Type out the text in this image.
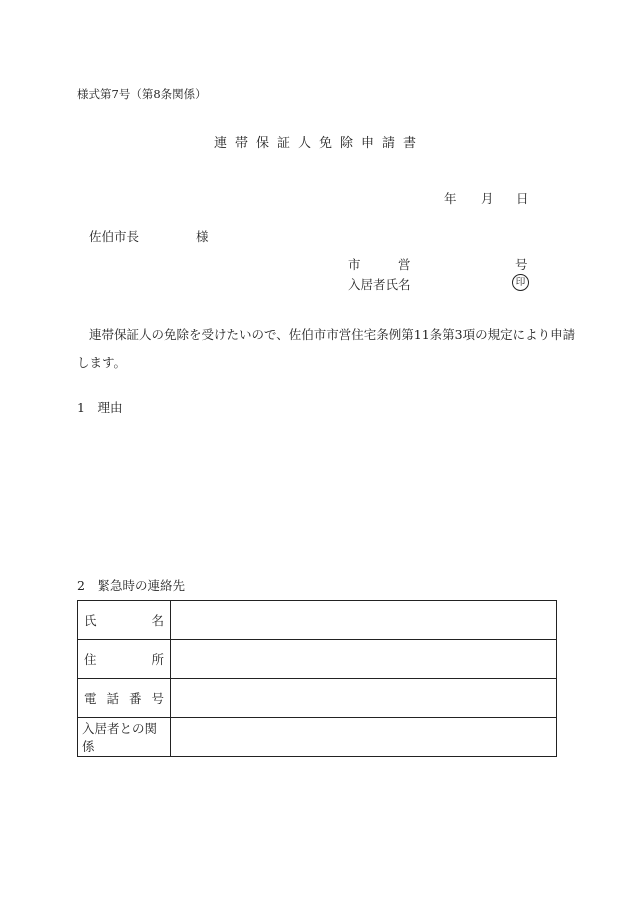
様式第7号（第8条関係）
連帯保証人免除申請書
年 月 日
佐伯市長	様
市	営	号
入居者氏名	印
連帯保証人の免除を受けたいので、佐伯市市営住宅条例第11条第3項の規定により申請
します。
1　理由
2　緊急時の連絡先
氏 名	

住 所	

電 話 番 号	

入居者との関係	
